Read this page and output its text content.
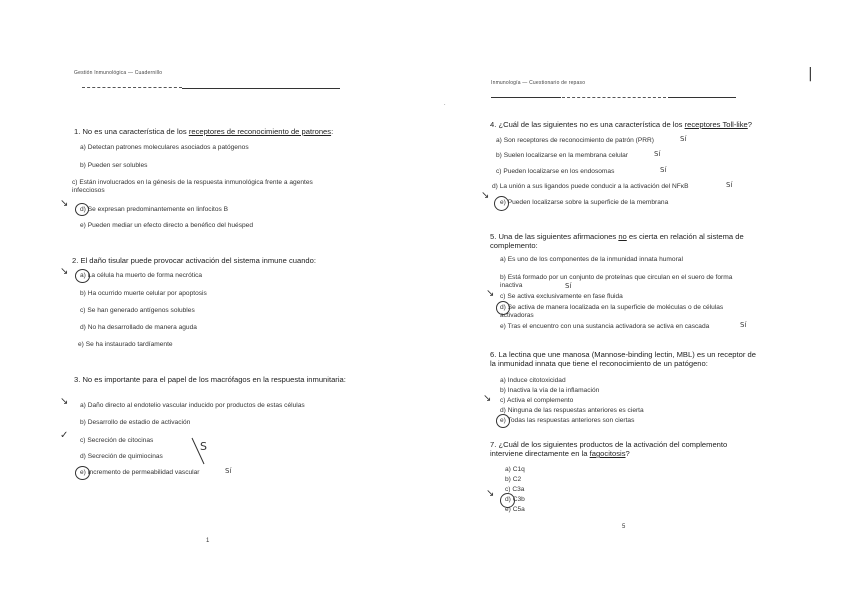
Gestión Inmunológica — Cuadernillo
1. No es una característica de los receptores de reconocimiento de patrones:
a) Detectan patrones moleculares asociados a patógenos
b) Pueden ser solubles
c) Están involucrados en la génesis de la respuesta inmunológica frente a agentes infecciosos
d) Se expresan predominantemente en linfocitos B
↘
e) Pueden mediar un efecto directo a benéfico del huésped
2. El daño tisular puede provocar activación del sistema inmune cuando:
a) La célula ha muerto de forma necrótica
↘
b) Ha ocurrido muerte celular por apoptosis
c) Se han generado antígenos solubles
d) No ha desarrollado de manera aguda
e) Se ha instaurado tardíamente
3. No es importante para el papel de los macrófagos en la respuesta inmunitaria:
a) Daño directo al endotelio vascular inducido por productos de estas células
↘
b) Desarrollo de estadio de activación
c) Secreción de citocinas
✓
d) Secreción de quimiocinas
S
e) Incremento de permeabilidad vascular	Sí
1
·
|
Inmunología — Cuestionario de repaso
4. ¿Cuál de las siguientes no es una característica de los receptores Toll-like?
a) Son receptores de reconocimiento de patrón (PRR)	Sí
b) Suelen localizarse en la membrana celular	Sí
c) Pueden localizarse en los endosomas	Sí
d) La unión a sus ligandos puede conducir a la activación del NFκB	Sí
e) Pueden localizarse sobre la superficie de la membrana
↘
5. Una de las siguientes afirmaciones no es cierta en relación al sistema de complemento:
a) Es uno de los componentes de la inmunidad innata humoral
b) Está formado por un conjunto de proteínas que circulan en el suero de forma inactiva	Sí
c) Se activa exclusivamente en fase fluida
↘
d) Se activa de manera localizada en la superficie de moléculas o de células activadoras
e) Tras el encuentro con una sustancia activadora se activa en cascada	Sí
6. La lectina que une manosa (Mannose-binding lectin, MBL) es un receptor de la inmunidad innata que tiene el reconocimiento de un patógeno:
a) Induce citotoxicidad
b) Inactiva la vía de la inflamación
c) Activa el complemento
↘
d) Ninguna de las respuestas anteriores es cierta
e) Todas las respuestas anteriores son ciertas
7. ¿Cuál de los siguientes productos de la activación del complemento interviene directamente en la fagocitosis?
a) C1q
b) C2
c) C3a
d) C3b
↘
e) C5a
5
